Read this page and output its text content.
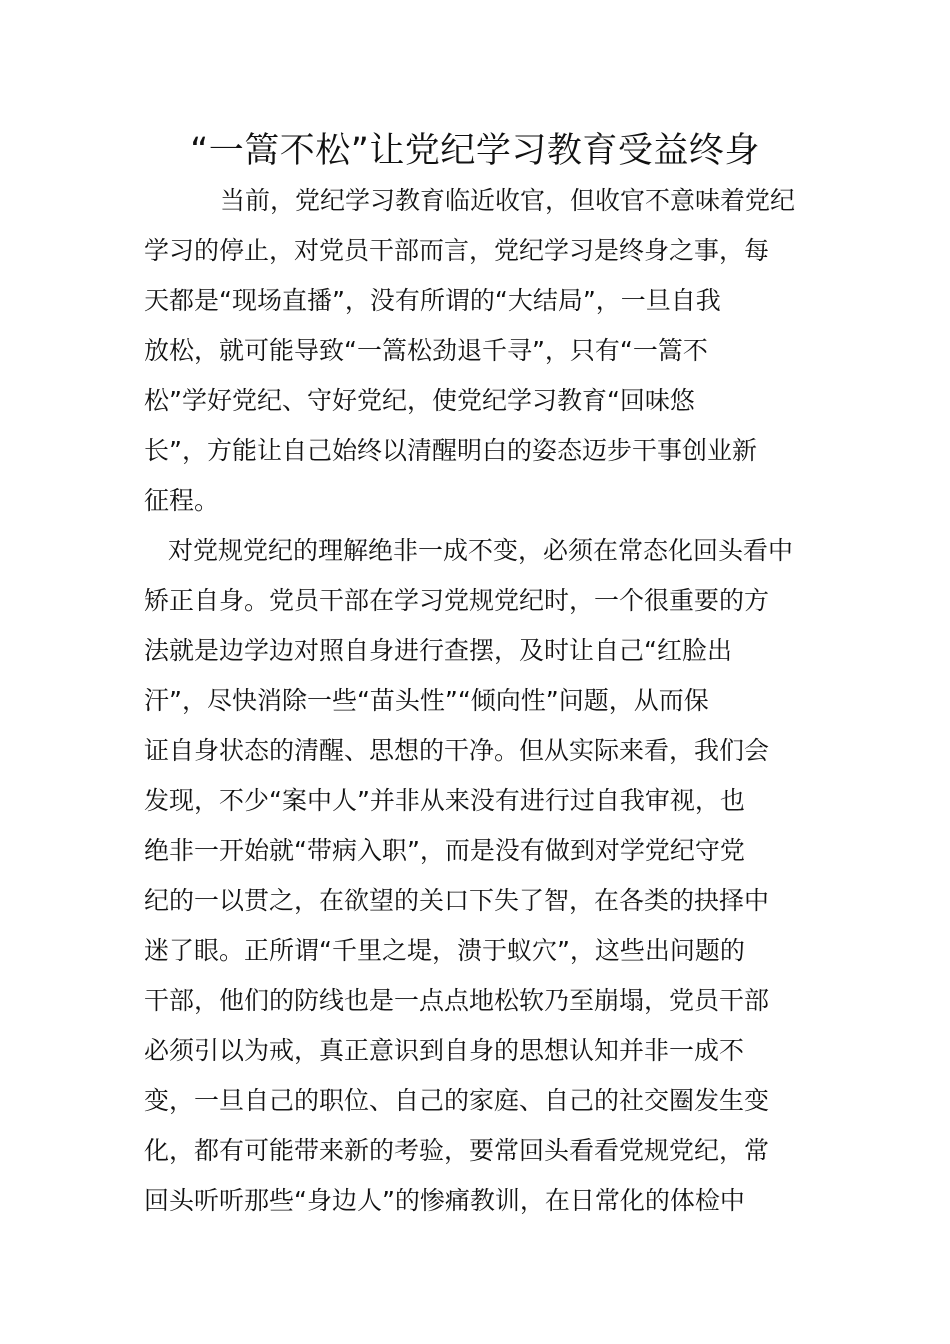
“一篙不松”让党纪学习教育受益终身
当前，党纪学习教育临近收官，但收官不意味着党纪
学习的停止，对党员干部而言，党纪学习是终身之事，每
天都是“现场直播”，没有所谓的“大结局”，一旦自我
放松，就可能导致“一篙松劲退千寻”，只有“一篙不
松”学好党纪、守好党纪，使党纪学习教育“回味悠
长”，方能让自己始终以清醒明白的姿态迈步干事创业新
征程。
对党规党纪的理解绝非一成不变，必须在常态化回头看中
矫正自身。党员干部在学习党规党纪时，一个很重要的方
法就是边学边对照自身进行查摆，及时让自己“红脸出
汗”，尽快消除一些“苗头性”“倾向性”问题，从而保
证自身状态的清醒、思想的干净。但从实际来看，我们会
发现，不少“案中人”并非从来没有进行过自我审视，也
绝非一开始就“带病入职”，而是没有做到对学党纪守党
纪的一以贯之，在欲望的关口下失了智，在各类的抉择中
迷了眼。正所谓“千里之堤，溃于蚁穴”，这些出问题的
干部，他们的防线也是一点点地松软乃至崩塌，党员干部
必须引以为戒，真正意识到自身的思想认知并非一成不
变，一旦自己的职位、自己的家庭、自己的社交圈发生变
化，都有可能带来新的考验，要常回头看看党规党纪，常
回头听听那些“身边人”的惨痛教训，在日常化的体检中
